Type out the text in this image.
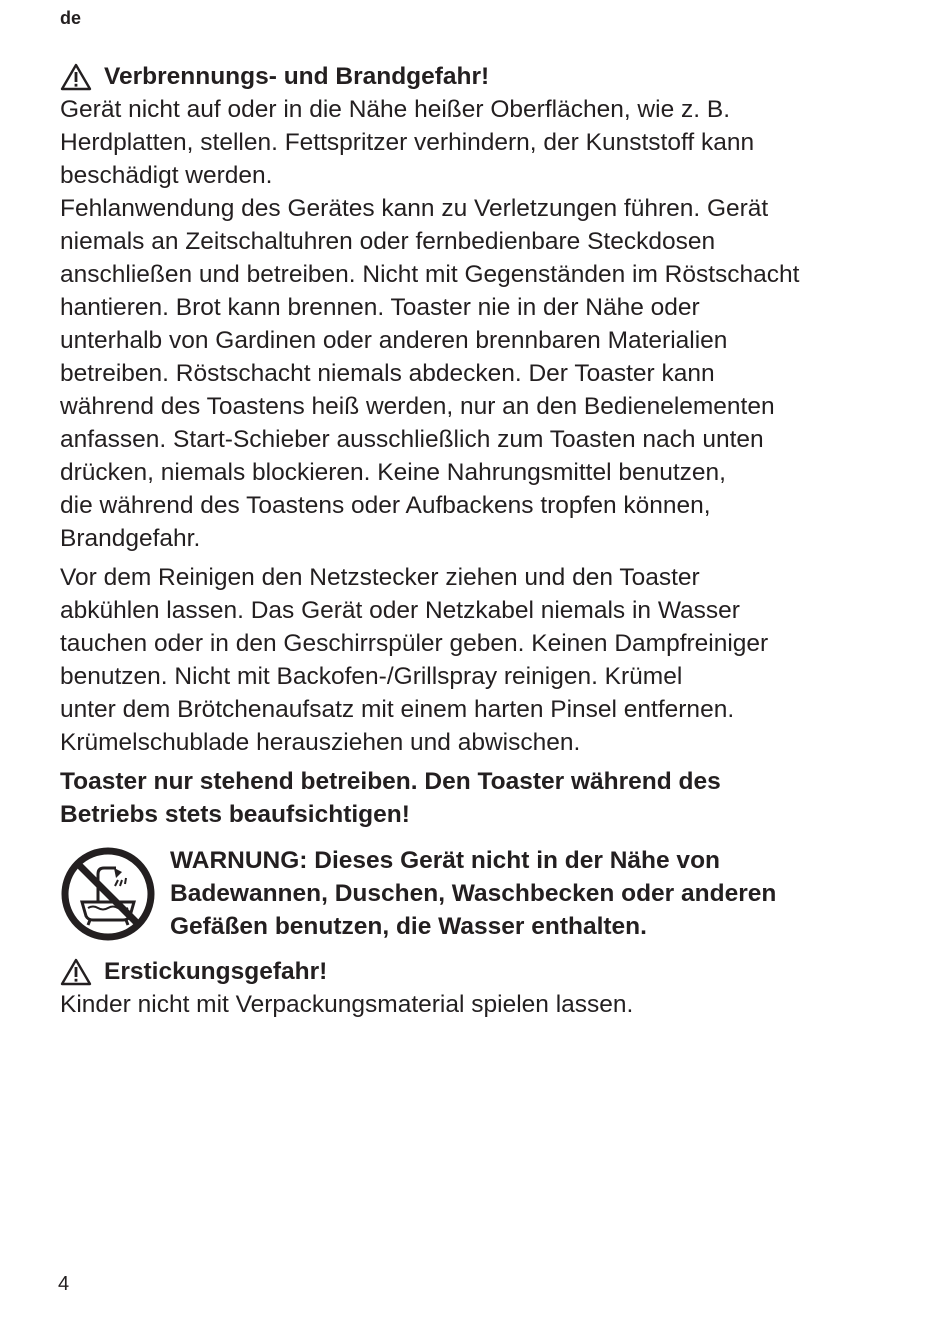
de
Verbrennungs- und Brandgefahr!

Gerät nicht auf oder in die Nähe heißer Oberflächen, wie z. B.
Herdplatten, stellen. Fettspritzer verhindern, der Kunststoff kann
beschädigt werden.

Fehlanwendung des Gerätes kann zu Verletzungen führen. Gerät
niemals an Zeitschaltuhren oder fernbedienbare Steckdosen
anschließen und betreiben. Nicht mit Gegenständen im Röstschacht
hantieren. Brot kann brennen. Toaster nie in der Nähe oder
unterhalb von Gardinen oder anderen brennbaren Materialien
betreiben. Röstschacht niemals abdecken. Der Toaster kann
während des Toastens heiß werden, nur an den Bedienelementen
anfassen. Start-Schieber ausschließlich zum Toasten nach unten
drücken, niemals blockieren. Keine Nahrungsmittel benutzen,
die während des Toastens oder Aufbackens tropfen können,
Brandgefahr.

Vor dem Reinigen den Netzstecker ziehen und den Toaster
abkühlen lassen. Das Gerät oder Netzkabel niemals in Wasser
tauchen oder in den Geschirrspüler geben. Keinen Dampfreiniger
benutzen. Nicht mit Backofen-/Grillspray reinigen. Krümel
unter dem Brötchenaufsatz mit einem harten Pinsel entfernen.
Krümelschublade herausziehen und abwischen.

Toaster nur stehend betreiben. Den Toaster während des
Betriebs stets beaufsichtigen!

WARNUNG: Dieses Gerät nicht in der Nähe von
Badewannen, Duschen, Waschbecken oder anderen
Gefäßen benutzen, die Wasser enthalten.

Erstickungsgefahr!

Kinder nicht mit Verpackungsmaterial spielen lassen.

4
